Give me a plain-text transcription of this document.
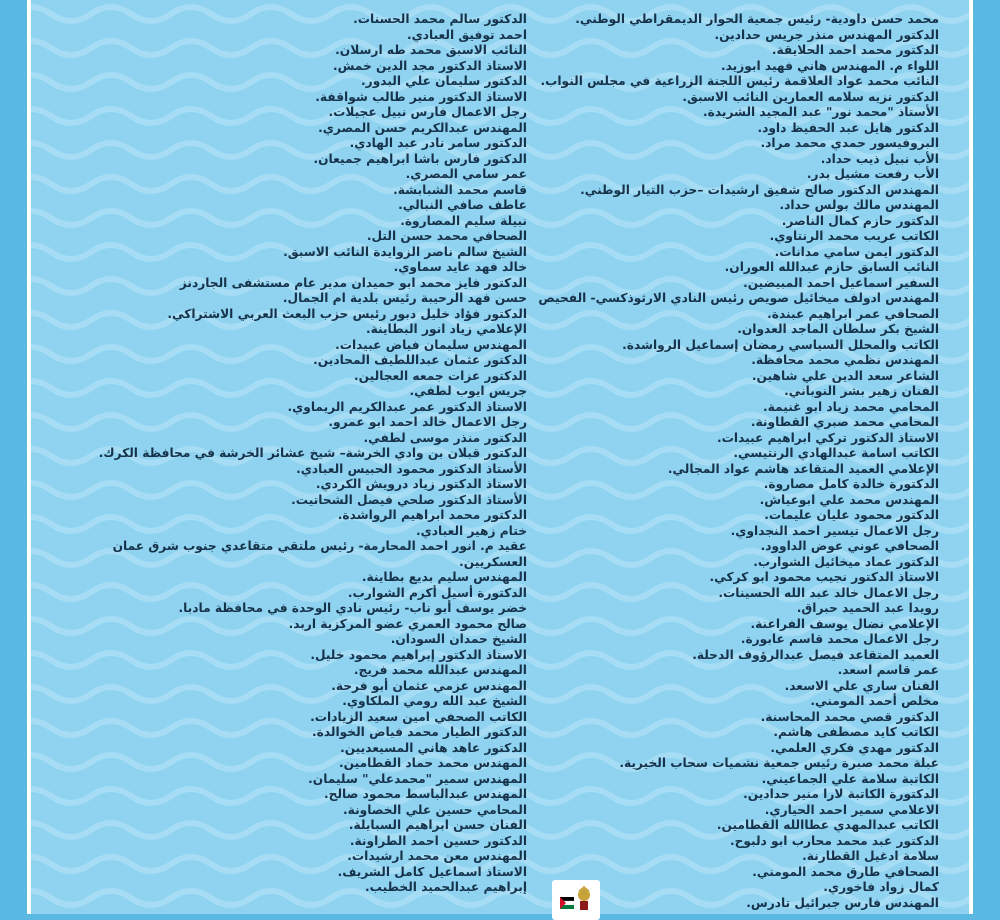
محمد حسن داودية- رئيس جمعية الحوار الديمقراطي الوطني.
الدكتور المهندس منذر جريس حدادين.
الدكتور محمد احمد الحلايقة.
اللواء م. المهندس هاني فهيد ابوزيد.
النائب محمد عواد العلاقمة رئيس اللجنة الزراعية في مجلس النواب.
الدكتور نزيه سلامه العمارين النائب الاسبق.
الأستاذ "محمد نور" عبد المجيد الشريدة.
الدكتور هايل عبد الحفيظ داود.
البروفيسور حمدي محمد مراد.
الأب نبيل ذيب حداد.
الأب رفعت مشيل بدر.
المهندس الدكتور صالح شفيق ارشيدات –حزب التيار الوطني.
المهندس مالك بولس حداد.
الدكتور حازم كمال الناصر.
الكاتب عريب محمد الرنتاوي.
الدكتور ايمن سامي مدانات.
النائب السابق حازم عبدالله العوران.
السفير اسماعيل احمد المبيضين.
المهندس ادولف ميخائيل صويص رئيس النادي الارثوذكسي- الفحيص
الصحافي عمر ابراهيم عبندة.
الشيخ بكر سلطان الماجد العدوان.
الكاتب والمحلل السياسي رمضان إسماعيل الرواشدة.
المهندس نظمي محمد محافظة.
الشاعر سعد الدين علي شاهين.
الفنان زهير بشر النوباني.
المحامي محمد زياد ابو غنيمة.
المحامي محمد صبري القطاونة.
الاستاذ الدكتور تركي ابراهيم عبيدات.
الكاتب اسامة عبدالهادي الرنتيسي.
الإعلامي العميد المتقاعد هاشم عواد المجالي.
الدكتورة خالدة كامل مصاروة.
المهندس محمد علي ابوعياش.
الدكتور محمود عليان عليمات.
رجل الاعمال تيسير احمد النجداوي.
الصحافي عوني عوض الداوود.
الدكتور عماد ميخائيل الشوارب.
الاستاذ الدكتور نجيب محمود ابو كركي.
رجل الاعمال خالد عبد الله الحسينات.
رويدا عبد الحميد حبراق.
الإعلامي نضال يوسف الفراعنة.
رجل الاعمال محمد قاسم عابورة.
العميد المتقاعد فيصل عبدالرؤوف الدحلة.
عمر قاسم اسعد.
الفنان ساري علي الاسعد.
مخلص أحمد المومني.
الدكتور قصي محمد المحاسنة.
الكاتب كايد مصطفى هاشم.
الدكتور مهدي فكري العلمي.
عبلة محمد صبرة رئيس جمعية نشميات سحاب الخيرية.
الكاتبة سلامة علي الجماعيني.
الدكتورة الكاتبة لارا منير حدادين.
الاعلامي سمير احمد الحياري.
الكاتب عبدالمهدي عطاالله القطامين.
الدكتور عبد محمد محارب ابو دلبوح.
سلامة ادغيل القطارنة.
الصحافي طارق محمد المومني.
كمال زواد فاخوري.
المهندس فارس جبرائيل تادرس.
الدكتور سالم محمد الحسنات.
احمد توفيق العبادي.
النائب الاسبق محمد طه ارسلان.
الاستاذ الدكتور مجد الدين خمش.
الدكتور سليمان علي البدور.
الاستاذ الدكتور منير طالب شواقفة.
رجل الاعمال فارس نبيل عجيلات.
المهندس عبدالكريم حسن المصري.
الدكتور سامر نادر عبد الهادي.
الدكتور فارس باشا ابراهيم جميعان.
عمر سامي المصري.
قاسم محمد الشبابشة.
عاطف صافي النبالي.
نبيلة سليم المصاروة.
الصحافي محمد حسن التل.
الشيخ سالم ناصر الزوايدة النائب الاسبق.
خالد فهد عايد سماوي.
الدكتور فايز محمد ابو حميدان مدير عام مستشفى الجاردنز
حسن فهد الرحيبة رئيس بلدية ام الجمال.
الدكتور فؤاد خليل دبور رئيس حزب البعث العربي الاشتراكي.
الإعلامي زياد انور البطاينة.
المهندس سليمان فياض عبيدات.
الدكتور عثمان عبداللطيف المحادين.
الدكتور عزات جمعه العجالين.
جريس ايوب لطفي.
الاستاذ الدكتور عمر عبدالكريم الريماوي.
رجل الاعمال خالد احمد ابو عمرو.
الدكتور منذر موسى لطفي.
الدكتور قبلان بن وادي الخرشة– شيخ عشائر الخرشة في محافظة الكرك.
الأستاذ الدكتور محمود الحبيس العبادي.
الاستاذ الدكتور زياد درويش الكردي.
الأستاذ الدكتور صلحي فيصل الشحاتيت.
الدكتور محمد ابراهيم الرواشدة.
ختام زهير العبادي.
عقيد م. انور احمد المحارمة- رئيس ملتقي متقاعدي جنوب شرق عمان
العسكريين.
المهندس سليم بديع بطاينة.
الدكتورة أسيل أكرم الشوارب.
خضر يوسف أبو ناب- رئيس نادي الوحدة في محافظة مادبا.
صالح محمود العمري عضو المركزية اربد.
الشيخ حمدان السودان.
الاستاذ الدكتور إبراهيم محمود خليل.
المهندس عبدالله محمد فريج.
المهندس عزمي عثمان أبو فرحة.
الشيخ عبد الله رومي الملكاوي.
الكاتب الصحفي امين سعيد الزيادات.
الدكتور الطيار محمد فياض الخوالدة.
الدكتور عاهد هاني المسيعديين.
المهندس محمد حماد القطامين.
المهندس سمير "محمدعلي" سليمان.
المهندس عبدالباسط محمود صالح.
المحامي حسين علي الخصاونة.
الفنان حسن ابراهيم السبايلة.
الدكتور حسين احمد الطراونة.
المهندس معن محمد ارشيدات.
الاستاذ اسماعيل كامل الشريف.
إبراهيم عبدالحميد الخطيب.
